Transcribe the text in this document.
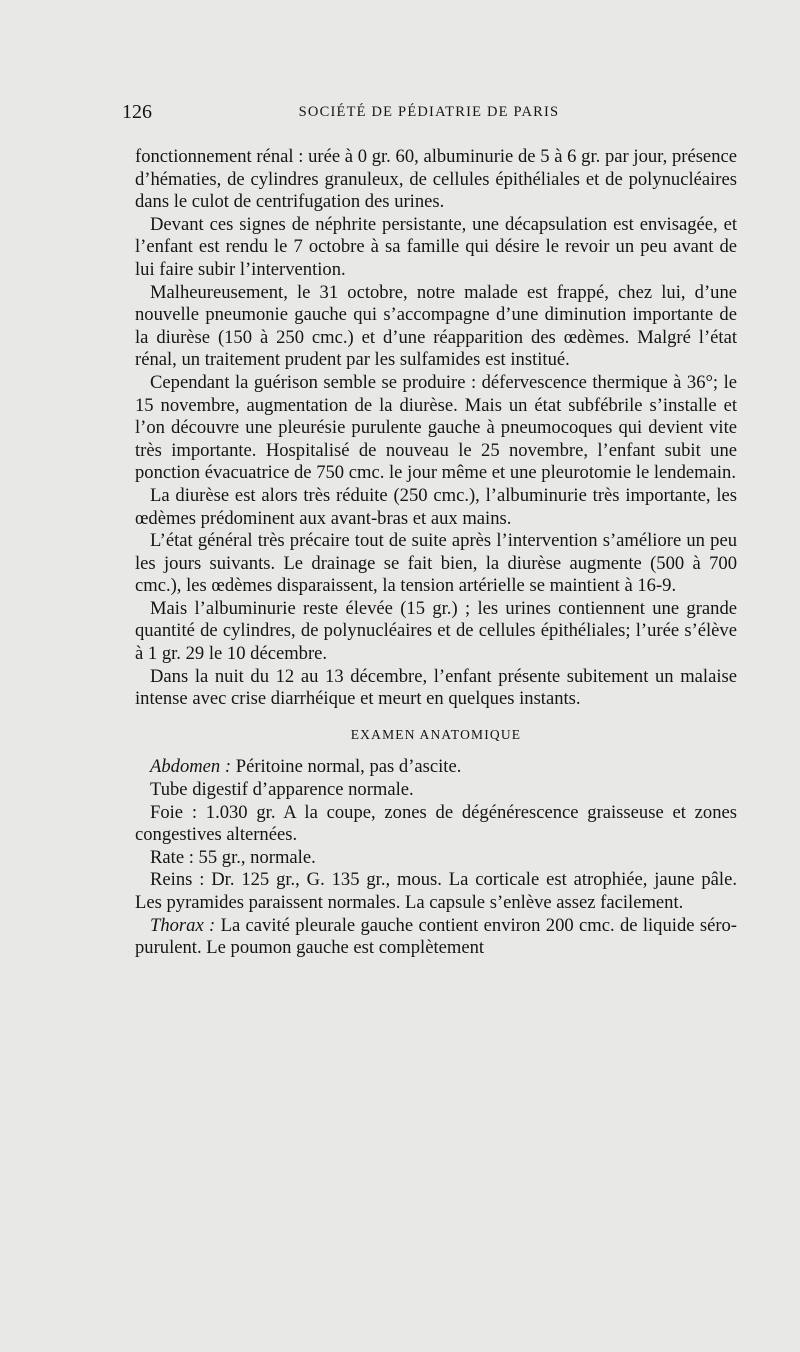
126	SOCIÉTÉ DE PÉDIATRIE DE PARIS

fonctionnement rénal : urée à 0 gr. 60, albuminurie de 5 à 6 gr. par jour, présence d’hématies, de cylindres granuleux, de cellules épithéliales et de polynucléaires dans le culot de centrifugation des urines.

Devant ces signes de néphrite persistante, une décapsulation est envisagée, et l’enfant est rendu le 7 octobre à sa famille qui désire le revoir un peu avant de lui faire subir l’intervention.

Malheureusement, le 31 octobre, notre malade est frappé, chez lui, d’une nouvelle pneumonie gauche qui s’accompagne d’une diminution importante de la diurèse (150 à 250 cmc.) et d’une réapparition des œdèmes. Malgré l’état rénal, un traitement prudent par les sulfamides est institué.

Cependant la guérison semble se produire : défervescence thermique à 36°; le 15 novembre, augmentation de la diurèse. Mais un état subfébrile s’installe et l’on découvre une pleurésie purulente gauche à pneumocoques qui devient vite très importante. Hospitalisé de nouveau le 25 novembre, l’enfant subit une ponction évacuatrice de 750 cmc. le jour même et une pleurotomie le lendemain.

La diurèse est alors très réduite (250 cmc.), l’albuminurie très importante, les œdèmes prédominent aux avant-bras et aux mains.

L’état général très précaire tout de suite après l’intervention s’améliore un peu les jours suivants. Le drainage se fait bien, la diurèse augmente (500 à 700 cmc.), les œdèmes disparaissent, la tension artérielle se maintient à 16-9.

Mais l’albuminurie reste élevée (15 gr.) ; les urines contiennent une grande quantité de cylindres, de polynucléaires et de cellules épithéliales; l’urée s’élève à 1 gr. 29 le 10 décembre.

Dans la nuit du 12 au 13 décembre, l’enfant présente subitement un malaise intense avec crise diarrhéique et meurt en quelques instants.

EXAMEN ANATOMIQUE

Abdomen : Péritoine normal, pas d’ascite.

Tube digestif d’apparence normale.

Foie : 1.030 gr. A la coupe, zones de dégénérescence graisseuse et zones congestives alternées.

Rate : 55 gr., normale.

Reins : Dr. 125 gr., G. 135 gr., mous. La corticale est atrophiée, jaune pâle. Les pyramides paraissent normales. La capsule s’enlève assez facilement.

Thorax : La cavité pleurale gauche contient environ 200 cmc. de liquide séro-purulent. Le poumon gauche est complètement
